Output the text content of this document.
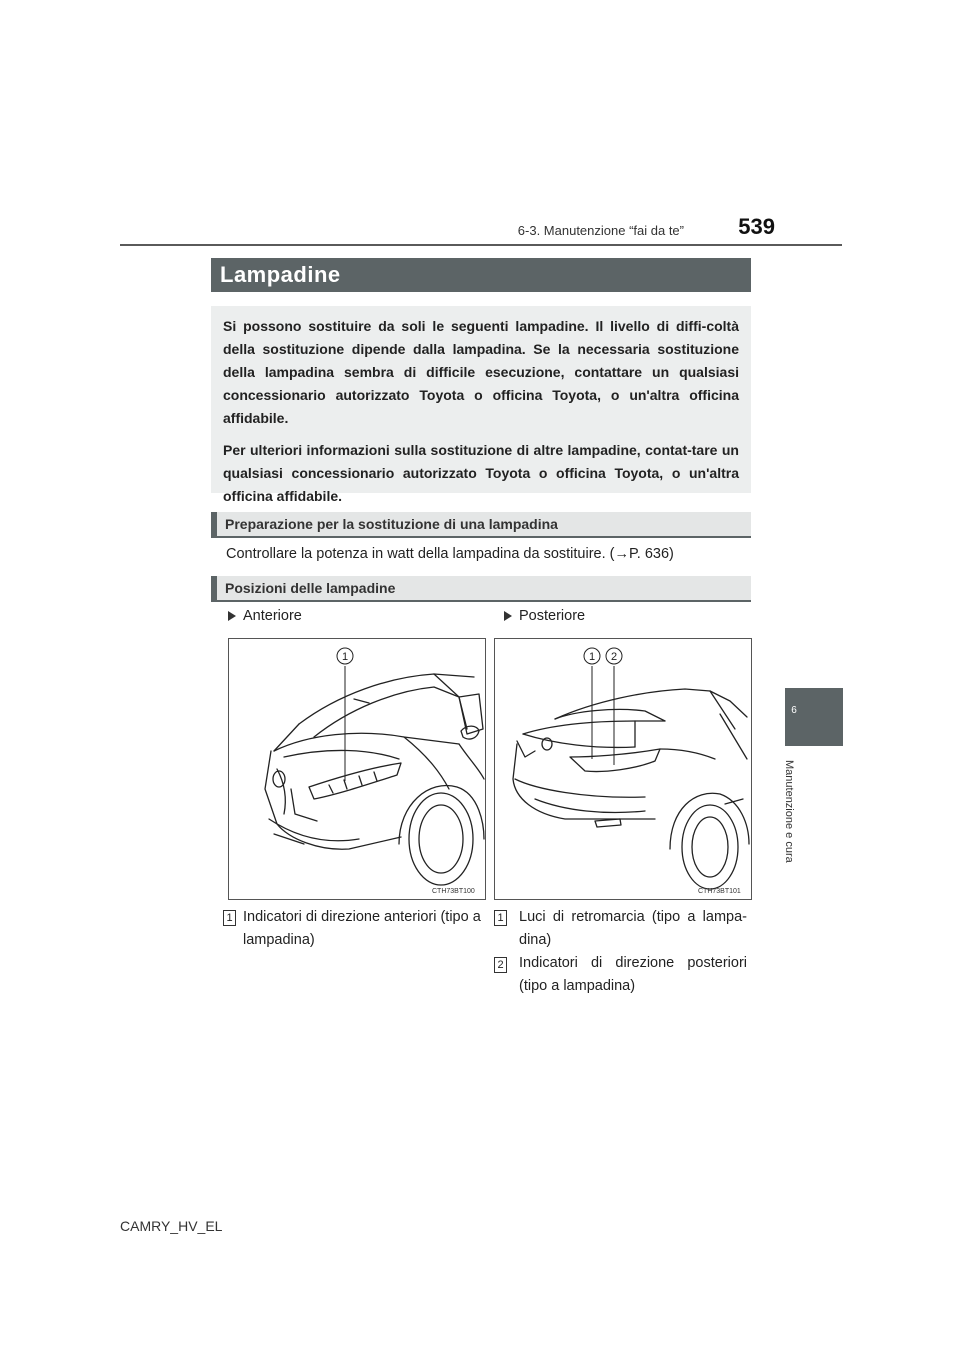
6-3. Manutenzione “fai da te”	539
Lampadine

Si possono sostituire da soli le seguenti lampadine. Il livello di diffi-coltà della sostituzione dipende dalla lampadina. Se la necessaria sostituzione della lampadina sembra di difficile esecuzione, contattare un qualsiasi concessionario autorizzato Toyota o officina Toyota, o un'altra officina affidabile.

Per ulteriori informazioni sulla sostituzione di altre lampadine, contat-tare un qualsiasi concessionario autorizzato Toyota o officina Toyota, o un'altra officina affidabile.

Preparazione per la sostituzione di una lampadina
Controllare la potenza in watt della lampadina da sostituire. (→P. 636)
Posizioni delle lampadine
Anteriore	Posteriore
1
CTH73BT100
1 2
CTH73BT101
1 Indicatori di direzione anteriori (tipo a lampadina)
1 Luci di retromarcia (tipo a lampa-dina)
2 Indicatori di direzione posteriori (tipo a lampadina)
6
Manutenzione e cura
CAMRY_HV_EL
